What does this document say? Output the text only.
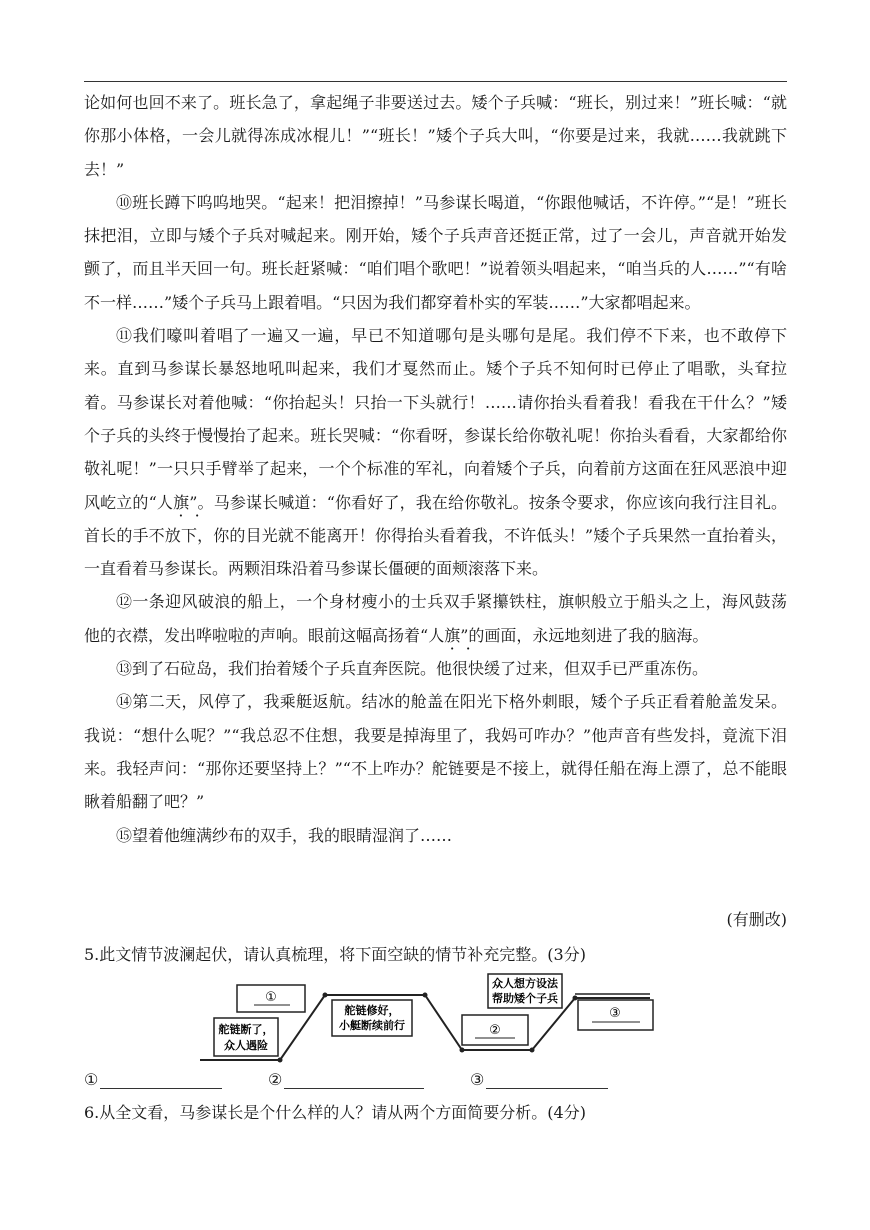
论如何也回不来了。班长急了，拿起绳子非要送过去。矮个子兵喊：“班长，别过来！”班长喊：“就你那小体格，一会儿就得冻成冰棍儿！”“班长！”矮个子兵大叫，“你要是过来，我就……我就跳下去！”

⑩班长蹲下呜呜地哭。“起来！把泪擦掉！”马参谋长喝道，“你跟他喊话，不许停。”“是！”班长抹把泪，立即与矮个子兵对喊起来。刚开始，矮个子兵声音还挺正常，过了一会儿，声音就开始发颤了，而且半天回一句。班长赶紧喊：“咱们唱个歌吧！”说着领头唱起来，“咱当兵的人……”“有啥不一样……”矮个子兵马上跟着唱。“只因为我们都穿着朴实的军装……”大家都唱起来。

⑪我们嚎叫着唱了一遍又一遍，早已不知道哪句是头哪句是尾。我们停不下来，也不敢停下来。直到马参谋长暴怒地吼叫起来，我们才戛然而止。矮个子兵不知何时已停止了唱歌，头耷拉着。马参谋长对着他喊：“你抬起头！只抬一下头就行！……请你抬头看着我！看我在干什么？”矮个子兵的头终于慢慢抬了起来。班长哭喊：“你看呀，参谋长给你敬礼呢！你抬头看看，大家都给你敬礼呢！”一只只手臂举了起来，一个个标准的军礼，向着矮个子兵，向着前方这面在狂风恶浪中迎风屹立的“人旗”。马参谋长喊道：“你看好了，我在给你敬礼。按条令要求，你应该向我行注目礼。首长的手不放下，你的目光就不能离开！你得抬头看着我，不许低头！”矮个子兵果然一直抬着头，一直看着马参谋长。两颗泪珠沿着马参谋长僵硬的面颊滚落下来。

⑫一条迎风破浪的船上，一个身材瘦小的士兵双手紧攥铁柱，旗帜般立于船头之上，海风鼓荡他的衣襟，发出哗啦啦的声响。眼前这幅高扬着“人旗”的画面，永远地刻进了我的脑海。

⑬到了石砬岛，我们抬着矮个子兵直奔医院。他很快缓了过来，但双手已严重冻伤。

⑭第二天，风停了，我乘艇返航。结冰的舱盖在阳光下格外刺眼，矮个子兵正看着舱盖发呆。我说：“想什么呢？”“我总忍不住想，我要是掉海里了，我妈可咋办？”他声音有些发抖，竟流下泪来。我轻声问：“那你还要坚持上？”“不上咋办？舵链要是不接上，就得任船在海上漂了，总不能眼瞅着船翻了吧？”

⑮望着他缠满纱布的双手，我的眼睛湿润了……

(有删改)
5.此文情节波澜起伏，请认真梳理，将下面空缺的情节补充完整。(3分)
①
舵链断了，
众人遇险
舵链修好，
小艇断续前行	②
众人想方设法
帮助矮个子兵
③
①	②	③
6.从全文看，马参谋长是个什么样的人？请从两个方面简要分析。(4分)
